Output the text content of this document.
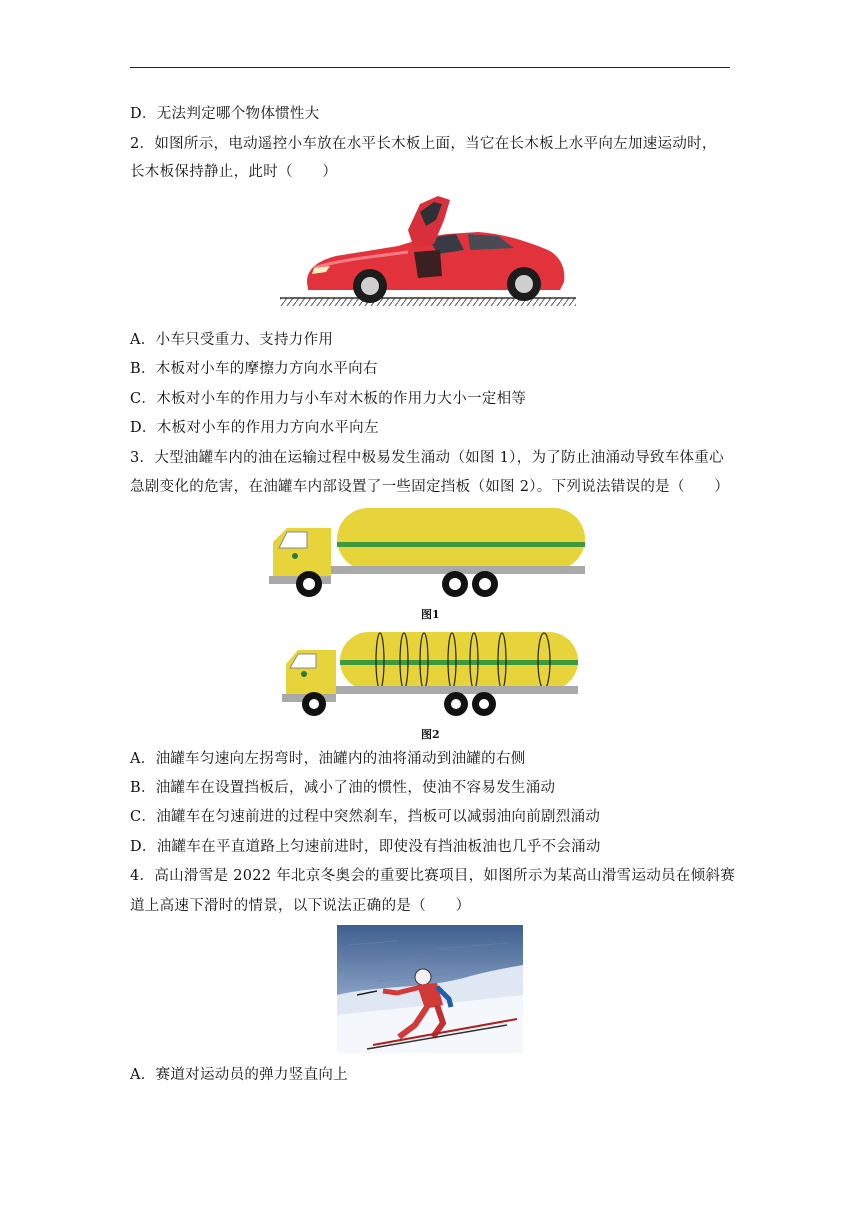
D．无法判定哪个物体惯性大
2．如图所示，电动遥控小车放在水平长木板上面，当它在长木板上水平向左加速运动时，
长木板保持静止，此时（　　）
A．小车只受重力、支持力作用
B．木板对小车的摩擦力方向水平向右
C．木板对小车的作用力与小车对木板的作用力大小一定相等
D．木板对小车的作用力方向水平向左
3．大型油罐车内的油在运输过程中极易发生涌动（如图 1），为了防止油涌动导致车体重心
急剧变化的危害，在油罐车内部设置了一些固定挡板（如图 2）。下列说法错误的是（　　）
图1
图2
A．油罐车匀速向左拐弯时，油罐内的油将涌动到油罐的右侧
B．油罐车在设置挡板后，减小了油的惯性，使油不容易发生涌动
C．油罐车在匀速前进的过程中突然刹车，挡板可以减弱油向前剧烈涌动
D．油罐车在平直道路上匀速前进时，即使没有挡油板油也几乎不会涌动
4．高山滑雪是 2022 年北京冬奥会的重要比赛项目，如图所示为某高山滑雪运动员在倾斜赛
道上高速下滑时的情景，以下说法正确的是（　　）
A．赛道对运动员的弹力竖直向上
